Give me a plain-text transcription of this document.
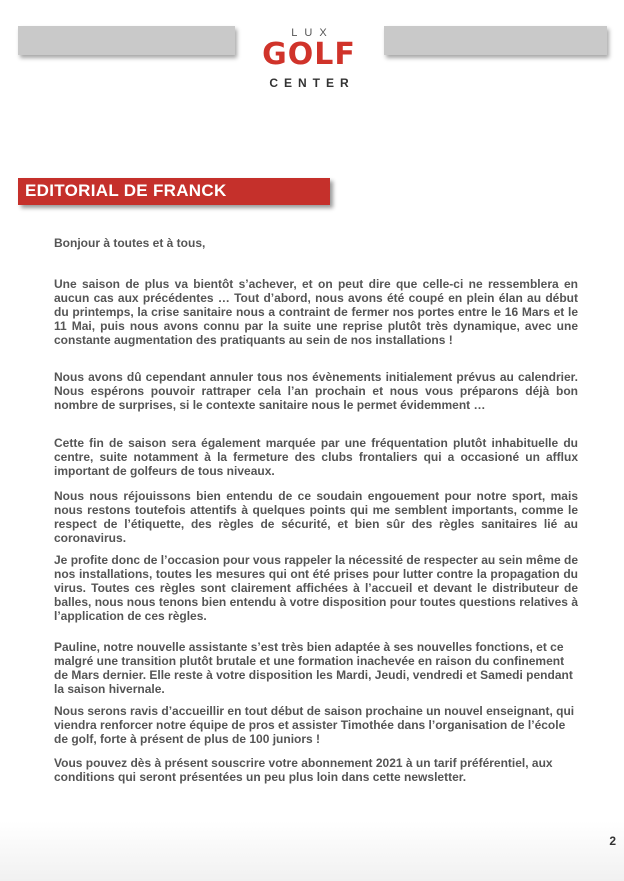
LUX
GOLF
CENTER
EDITORIAL DE FRANCK

Bonjour à toutes et à tous,

Une saison de plus va bientôt s’achever, et on peut dire que celle-ci ne ressemblera en aucun cas aux précédentes … Tout d’abord, nous avons été coupé en plein élan au début du printemps, la crise sanitaire nous a contraint de fermer nos portes entre le 16 Mars et le 11 Mai, puis nous avons connu par la suite une reprise plutôt très dynamique, avec une constante augmentation des pratiquants au sein de nos installations !

Nous avons dû cependant annuler tous nos évènements initialement prévus au calendrier. Nous espérons pouvoir rattraper cela l’an prochain et nous vous préparons déjà bon nombre de surprises, si le contexte sanitaire nous le permet évidemment …

Cette fin de saison sera également marquée par une fréquentation plutôt inhabituelle du centre, suite notamment à la fermeture des clubs frontaliers qui a occasioné un afflux important de golfeurs de tous niveaux.

Nous nous réjouissons bien entendu de ce soudain engouement pour notre sport, mais nous restons toutefois attentifs à quelques points qui me semblent importants, comme le respect de l’étiquette, des règles de sécurité, et bien sûr des règles sanitaires lié au coronavirus.

Je profite donc de l’occasion pour vous rappeler la nécessité de respecter au sein même de nos installations, toutes les mesures qui ont été prises pour lutter contre la propagation du virus. Toutes ces règles sont clairement affichées à l’accueil et devant le distributeur de balles, nous nous tenons bien entendu à votre disposition pour toutes questions relatives à l’application de ces règles.

Pauline, notre nouvelle assistante s’est très bien adaptée à ses nouvelles fonctions, et ce malgré une transition plutôt brutale et une formation inachevée en raison du confinement de Mars dernier. Elle reste à votre disposition les Mardi, Jeudi, vendredi et Samedi pendant la saison hivernale.

Nous serons ravis d’accueillir en tout début de saison prochaine un nouvel enseignant, qui viendra renforcer notre équipe de pros et assister Timothée dans l’organisation de l’école de golf, forte à présent de plus de 100 juniors !

Vous pouvez dès à présent souscrire votre abonnement 2021 à un tarif préférentiel, aux conditions qui seront présentées un peu plus loin dans cette newsletter.

2
